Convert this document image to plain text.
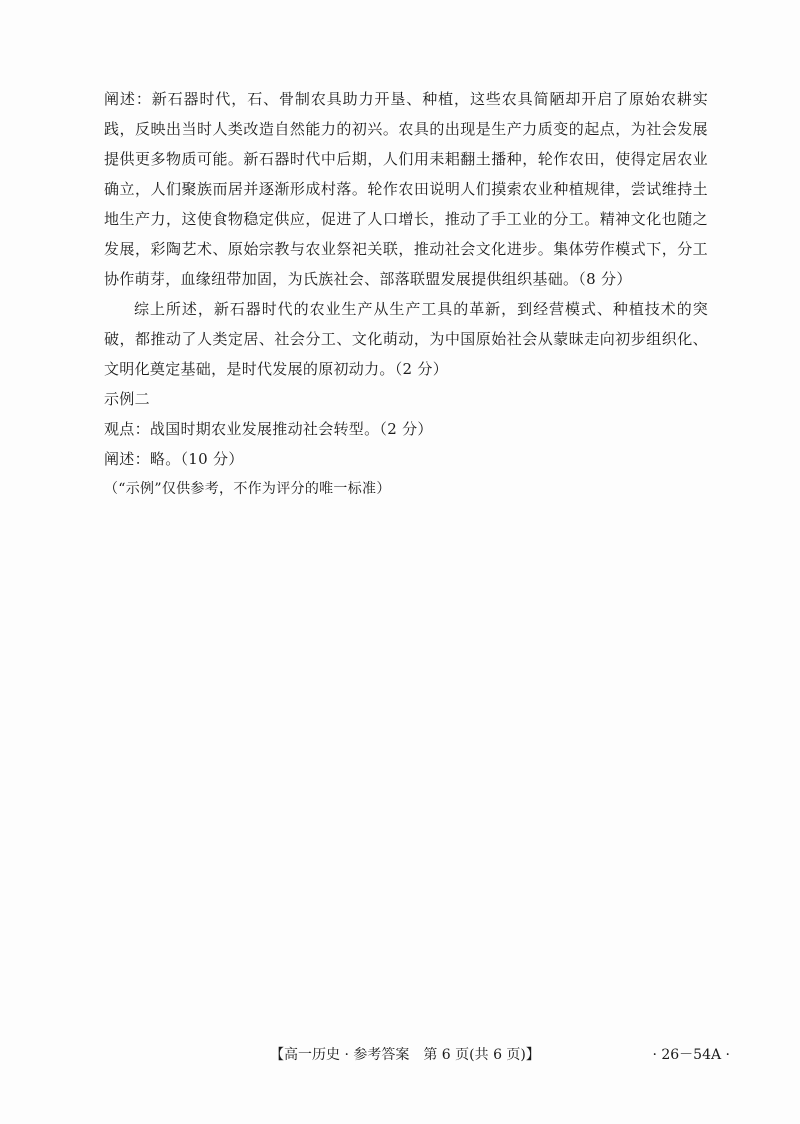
阐述：新石器时代，石、骨制农具助力开垦、种植，这些农具简陋却开启了原始农耕实践，反映出当时人类改造自然能力的初兴。农具的出现是生产力质变的起点，为社会发展提供更多物质可能。新石器时代中后期，人们用耒耜翻土播种，轮作农田，使得定居农业确立，人们聚族而居并逐渐形成村落。轮作农田说明人们摸索农业种植规律，尝试维持土地生产力，这使食物稳定供应，促进了人口增长，推动了手工业的分工。精神文化也随之发展，彩陶艺术、原始宗教与农业祭祀关联，推动社会文化进步。集体劳作模式下，分工协作萌芽，血缘纽带加固，为氏族社会、部落联盟发展提供组织基础。（8 分）

综上所述，新石器时代的农业生产从生产工具的革新，到经营模式、种植技术的突破，都推动了人类定居、社会分工、文化萌动，为中国原始社会从蒙昧走向初步组织化、文明化奠定基础，是时代发展的原初动力。（2 分）

示例二

观点：战国时期农业发展推动社会转型。（2 分）

阐述：略。（10 分）

（“示例”仅供参考，不作为评分的唯一标准）

【高一历史 · 参考答案　第 6 页(共 6 页)】	· 26－54A ·
